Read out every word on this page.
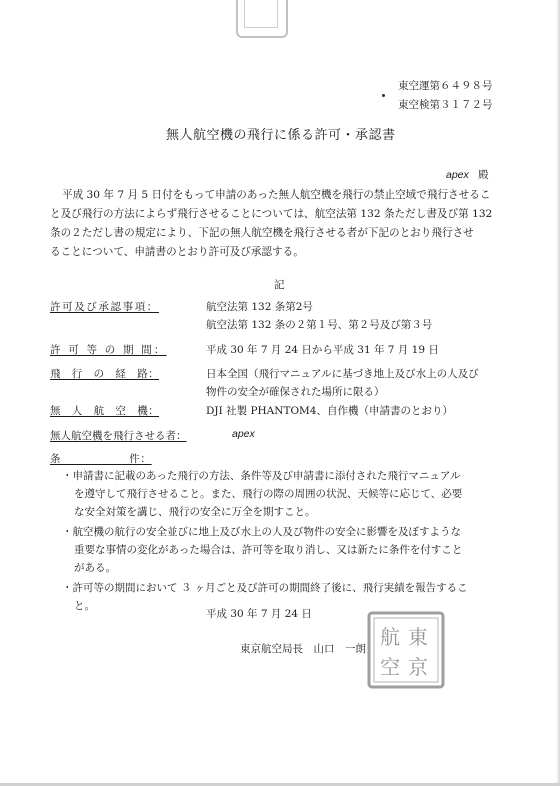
東空運第６４９８号
東空検第３１７２号
無人航空機の飛行に係る許可・承認書
apex 殿
平成 30 年 7 月 5 日付をもって申請のあった無人航空機を飛行の禁止空域で飛行させるこ
と及び飛行の方法によらず飛行させることについては、航空法第 132 条ただし書及び第 132
条の２ただし書の規定により、下記の無人航空機を飛行させる者が下記のとおり飛行させ
ることについて、申請書のとおり許可及び承認する。
記
許可及び承認事項：	航空法第 132 条第2号
航空法第 132 条の２第１号、第２号及び第３号
許 可 等 の 期 間：	平成 30 年 7 月 24 日から平成 31 年 7 月 19 日
飛　行　の　経　路：	日本全国（飛行マニュアルに基づき地上及び水上の人及び
物件の安全が確保された場所に限る）
無　人　航　空　機：	DJI 社製 PHANTOM4、自作機（申請書のとおり）
無人航空機を飛行させる者：	apex
条　　　　　　件：
・申請書に記載のあった飛行の方法、条件等及び申請書に添付された飛行マニュアル
を遵守して飛行させること。また、飛行の際の周囲の状況、天候等に応じて、必要
な安全対策を講じ、飛行の安全に万全を期すこと。
・航空機の航行の安全並びに地上及び水上の人及び物件の安全に影響を及ぼすような
重要な事情の変化があった場合は、許可等を取り消し、又は新たに条件を付すこと
がある。
・許可等の期間において ３ ヶ月ごと及び許可の期間終了後に、飛行実績を報告するこ
と。
平成 30 年 7 月 24 日
東京航空局長　山口　一朗 東
航
京
空
